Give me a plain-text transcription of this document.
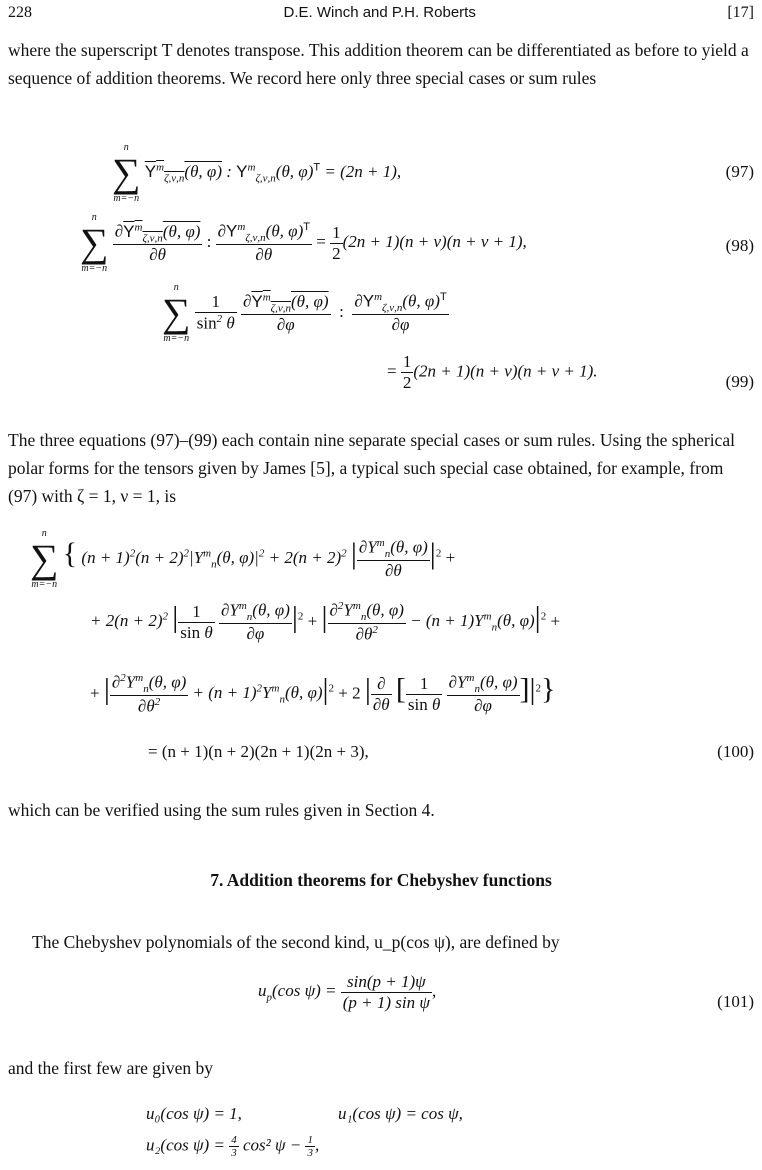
228	D.E. Winch and P.H. Roberts	[17]
where the superscript T denotes transpose. This addition theorem can be differentiated as before to yield a sequence of addition theorems. We record here only three special cases or sum rules
n
∑
m=−n
$Y^m_{\zeta,\nu,n}(\theta$, φ) : $Y^m_{\zeta,\nu,n}(\theta$, φ)$^T$ = (2n + 1),	(97)
n
∑
m=−n

$\frac{\partial Y^m_{\zeta,\nu,n}(\theta, \varphi)}{\partial\theta}$ : $\frac{\partial Y^m_{\zeta,\nu,n}(\theta, \varphi)^T}{\partial\theta} = \frac{1}{2} (2n + 1)(n + \nu)(n + \nu + 1)$,	(98)
n
∑
m=−n

$\frac{1}{\sin^2 \theta}$
$\frac{\partial Y^m_{\zeta,\nu,n}(\theta, \varphi)}{\partial\varphi}$ : $\frac{\partial Y^m_{\zeta,\nu,n}(\theta, \varphi)^T}{\partial\varphi}$
= $\frac{1}{2} (2n + 1)(n + \nu)(n + \nu + 1)$.
(99)
The three equations (97)–(99) each contain nine separate special cases or sum rules. Using the spherical polar forms for the tensors given by James [5], a typical such special case obtained, for example, from (97) with ζ = 1, ν = 1, is
n
∑
m=−n
{ $(n + 1)^2(n + 2)^2|Y^m_n(\theta$, $\varphi)|^2 + 2(n + 2)^2$ | $\frac{\partial Y^m_n(\theta, \varphi)}{\partial\theta} |^2$ +
+ $2(n + 2)^2$ | $\frac{1}{\text{sin θ}}$
$\frac{\partial Y^m_n(\theta, \varphi)}{\partial\varphi} |^2$ + | $\frac{\partial^2Y^m_n(\theta, \varphi)}{\partial\theta^2} - (n + 1)Y^m_n(\theta$, $\varphi)|^2$ +
+ | $\frac{\partial^2Y^m_n(\theta, \varphi)}{\partial\theta^2} + (n + 1)^2Y^m_n(\theta$, $\varphi)|^2 + 2$ | $\frac{\partial}{\partial\theta}$ [ $\frac{1}{\text{sin θ}}$
$\frac{\partial Y^m_n(\theta, \varphi)}{\partial\varphi} ]|^2$}
= (n + 1)(n + 2)(2n + 1)(2n + 3),	(100)
which can be verified using the sum rules given in Section 4.
7. Addition theorems for Chebyshev functions
The Chebyshev polynomials of the second kind, u_p(cos ψ), are defined by
$u_p(\cos$ $\psi) = \frac{\sin(p + 1)\psi}{\text{(p + 1) sin ψ}}$ ,
(101)
and the first few are given by
u₀(cos ψ) = 1,	u₁(cos ψ) = cos ψ,
u₂(cos $\psi) = \frac{4}{3} \cos^2$ $\psi - \frac{1}{3}$ ,
